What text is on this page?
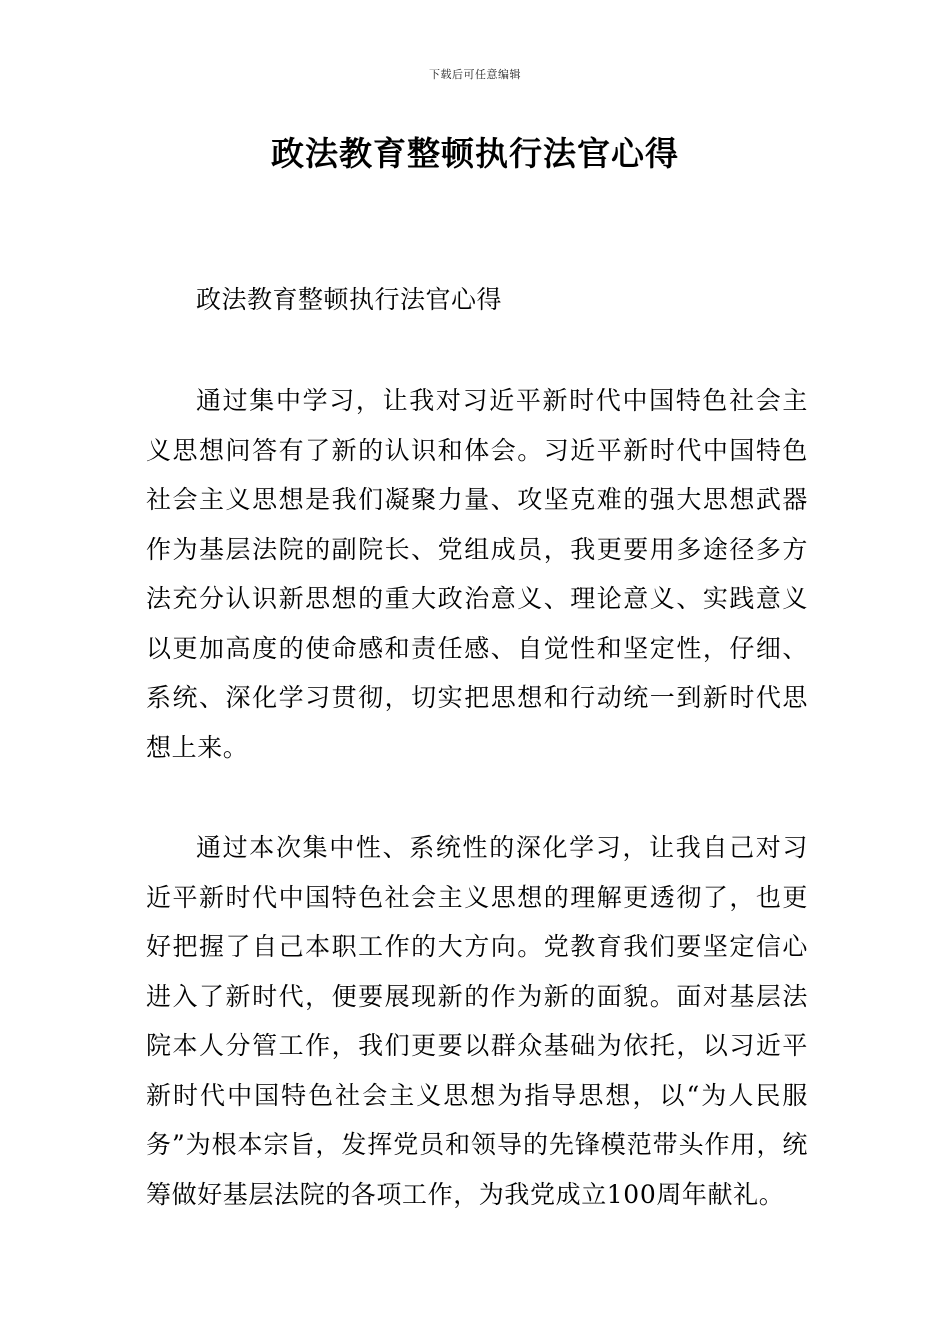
下载后可任意编辑
政法教育整顿执行法官心得
政法教育整顿执行法官心得

通过集中学习，让我对习近平新时代中国特色社会主义思想问答有了新的认识和体会。习近平新时代中国特色社会主义思想是我们凝聚力量、攻坚克难的强大思想武器作为基层法院的副院长、党组成员，我更要用多途径多方法充分认识新思想的重大政治意义、理论意义、实践意义以更加高度的使命感和责任感、自觉性和坚定性，仔细、系统、深化学习贯彻，切实把思想和行动统一到新时代思想上来。

通过本次集中性、系统性的深化学习，让我自己对习近平新时代中国特色社会主义思想的理解更透彻了，也更好把握了自己本职工作的大方向。党教育我们要坚定信心进入了新时代，便要展现新的作为新的面貌。面对基层法院本人分管工作，我们更要以群众基础为依托，以习近平新时代中国特色社会主义思想为指导思想，以“为人民服务”为根本宗旨，发挥党员和领导的先锋模范带头作用，统筹做好基层法院的各项工作，为我党成立100周年献礼。
